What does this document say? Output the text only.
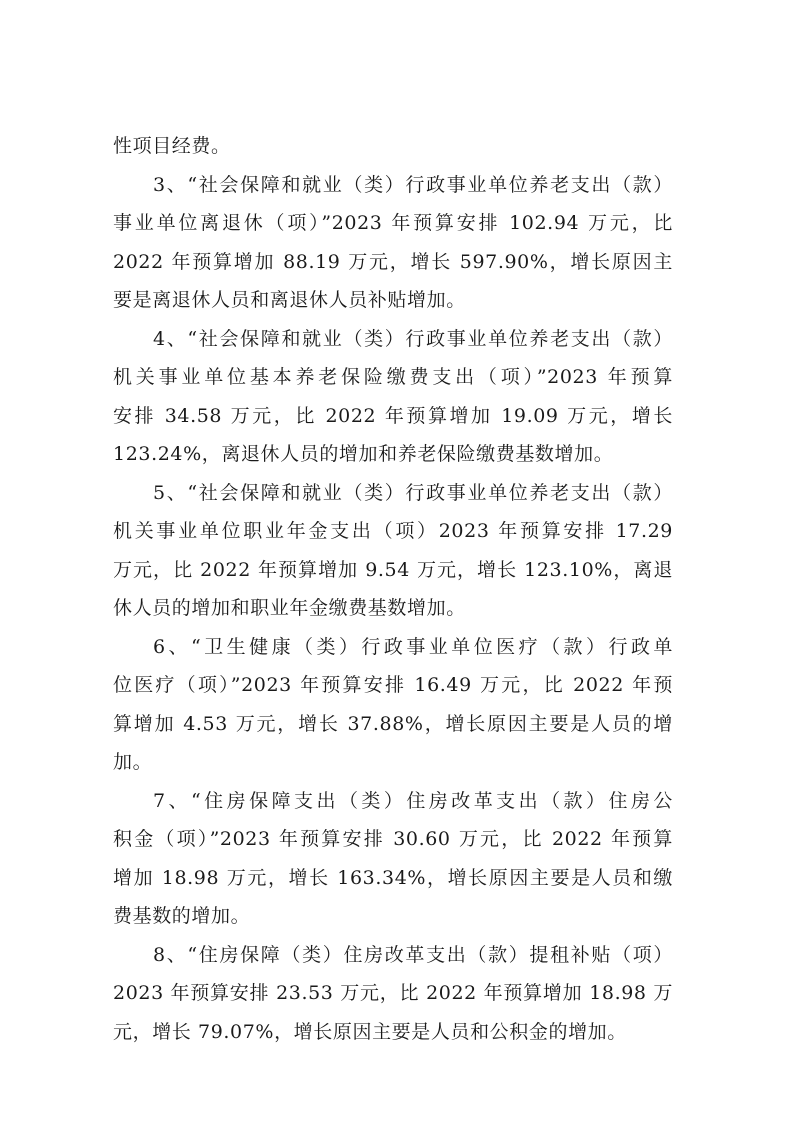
性项目经费。
3、“社会保障和就业（类）行政事业单位养老支出（款）
事业单位离退休（项）”2023 年预算安排 102.94 万元，比
2022 年预算增加 88.19 万元，增长 597.90%，增长原因主
要是离退休人员和离退休人员补贴增加。
4、“社会保障和就业（类）行政事业单位养老支出（款）
机关事业单位基本养老保险缴费支出（项）”2023 年预算
安排 34.58 万元，比 2022 年预算增加 19.09 万元，增长
123.24%，离退休人员的增加和养老保险缴费基数增加。
5、“社会保障和就业（类）行政事业单位养老支出（款）
机关事业单位职业年金支出（项）2023 年预算安排 17.29
万元，比 2022 年预算增加 9.54 万元，增长 123.10%，离退
休人员的增加和职业年金缴费基数增加。
6、“卫生健康（类）行政事业单位医疗（款）行政单
位医疗（项）”2023 年预算安排 16.49 万元，比 2022 年预
算增加 4.53 万元，增长 37.88%，增长原因主要是人员的增
加。
7、“住房保障支出（类）住房改革支出（款）住房公
积金（项）”2023 年预算安排 30.60 万元，比 2022 年预算
增加 18.98 万元，增长 163.34%，增长原因主要是人员和缴
费基数的增加。
8、“住房保障（类）住房改革支出（款）提租补贴（项）
2023 年预算安排 23.53 万元，比 2022 年预算增加 18.98 万
元，增长 79.07%，增长原因主要是人员和公积金的增加。
